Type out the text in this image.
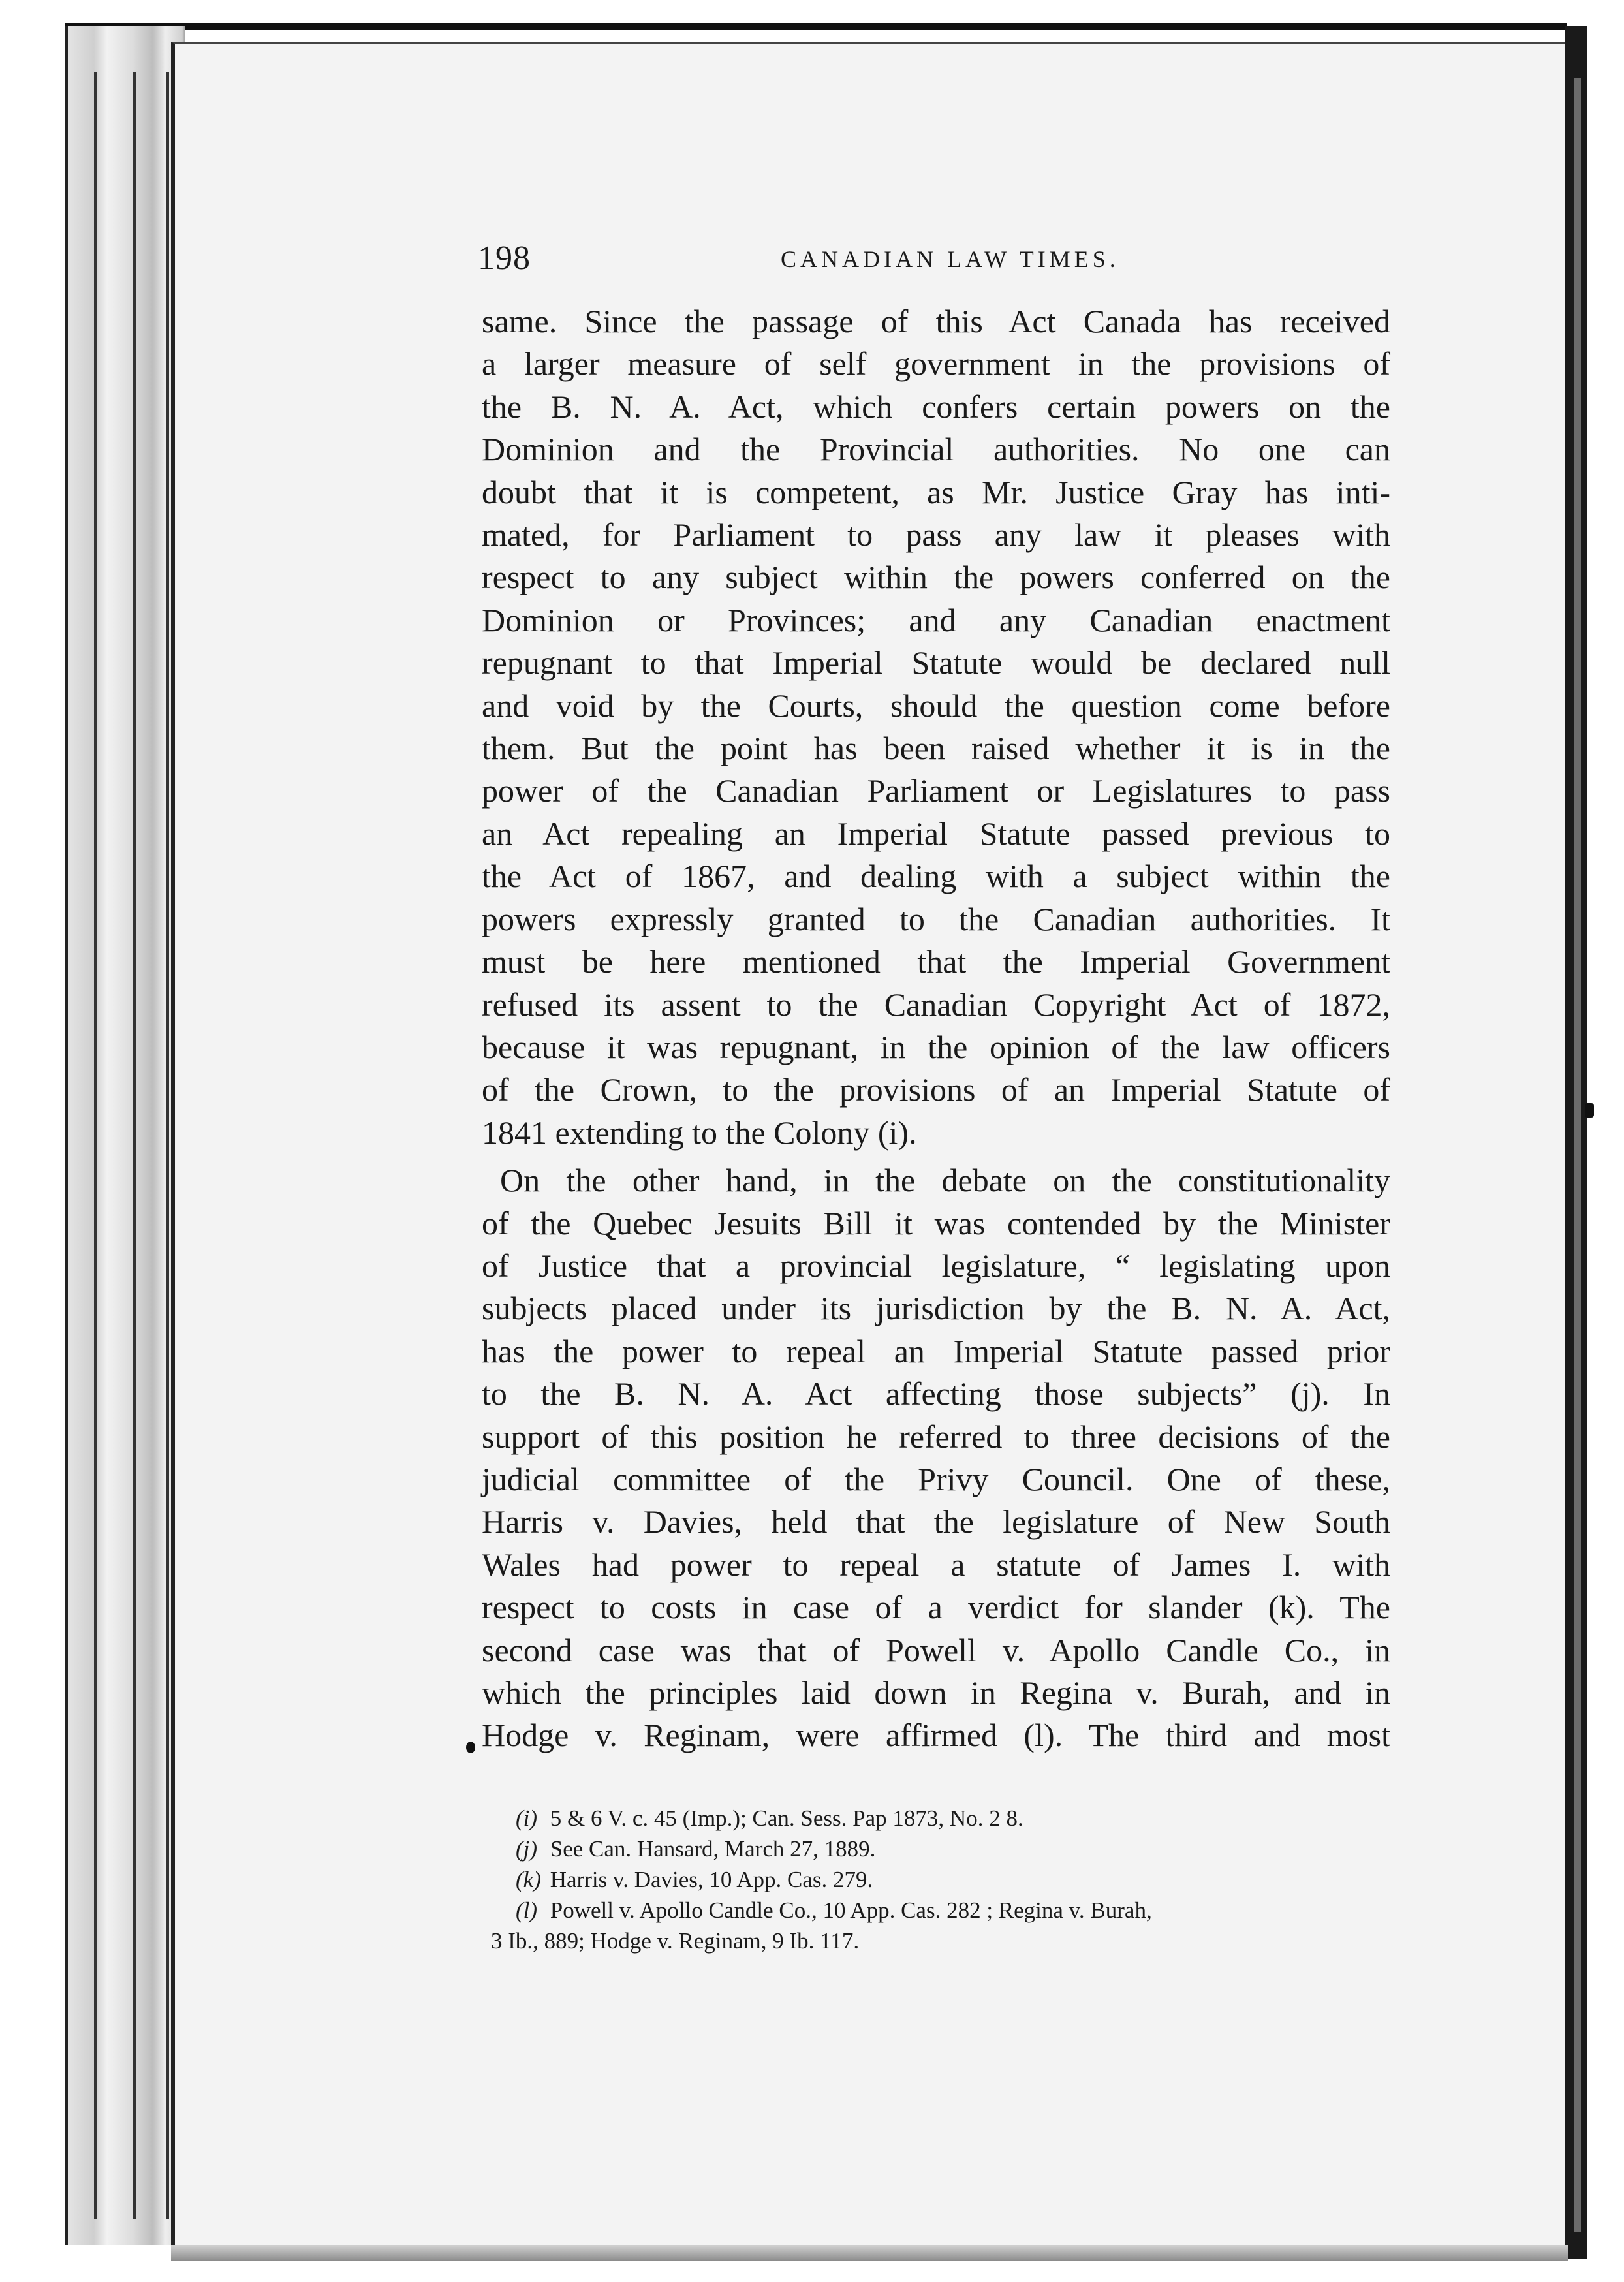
198	CANADIAN LAW TIMES.

same. Since the passage of this Act Canada has received
a larger measure of self government in the provisions of
the B. N. A. Act, which confers certain powers on the
Dominion and the Provincial authorities. No one can
doubt that it is competent, as Mr. Justice Gray has inti-
mated, for Parliament to pass any law it pleases with
respect to any subject within the powers conferred on the
Dominion or Provinces; and any Canadian enactment
repugnant to that Imperial Statute would be declared null
and void by the Courts, should the question come before
them. But the point has been raised whether it is in the
power of the Canadian Parliament or Legislatures to pass
an Act repealing an Imperial Statute passed previous to
the Act of 1867, and dealing with a subject within the
powers expressly granted to the Canadian authorities. It
must be here mentioned that the Imperial Government
refused its assent to the Canadian Copyright Act of 1872,
because it was repugnant, in the opinion of the law officers
of the Crown, to the provisions of an Imperial Statute of
1841 extending to the Colony (i).

On the other hand, in the debate on the constitutionality
of the Quebec Jesuits Bill it was contended by the Minister
of Justice that a provincial legislature, “ legislating upon
subjects placed under its jurisdiction by the B. N. A. Act,
has the power to repeal an Imperial Statute passed prior
to the B. N. A. Act affecting those subjects” (j). In
support of this position he referred to three decisions of the
judicial committee of the Privy Council. One of these,
Harris v. Davies, held that the legislature of New South
Wales had power to repeal a statute of James I. with
respect to costs in case of a verdict for slander (k). The
second case was that of Powell v. Apollo Candle Co., in
which the principles laid down in Regina v. Burah, and in
Hodge v. Reginam, were affirmed (l). The third and most

(i) 5 & 6 V. c. 45 (Imp.); Can. Sess. Pap 1873, No. 2 8.
(j) See Can. Hansard, March 27, 1889.
(k) Harris v. Davies, 10 App. Cas. 279.
(l) Powell v. Apollo Candle Co., 10 App. Cas. 282 ; Regina v. Burah,
3 Ib., 889; Hodge v. Reginam, 9 Ib. 117.
